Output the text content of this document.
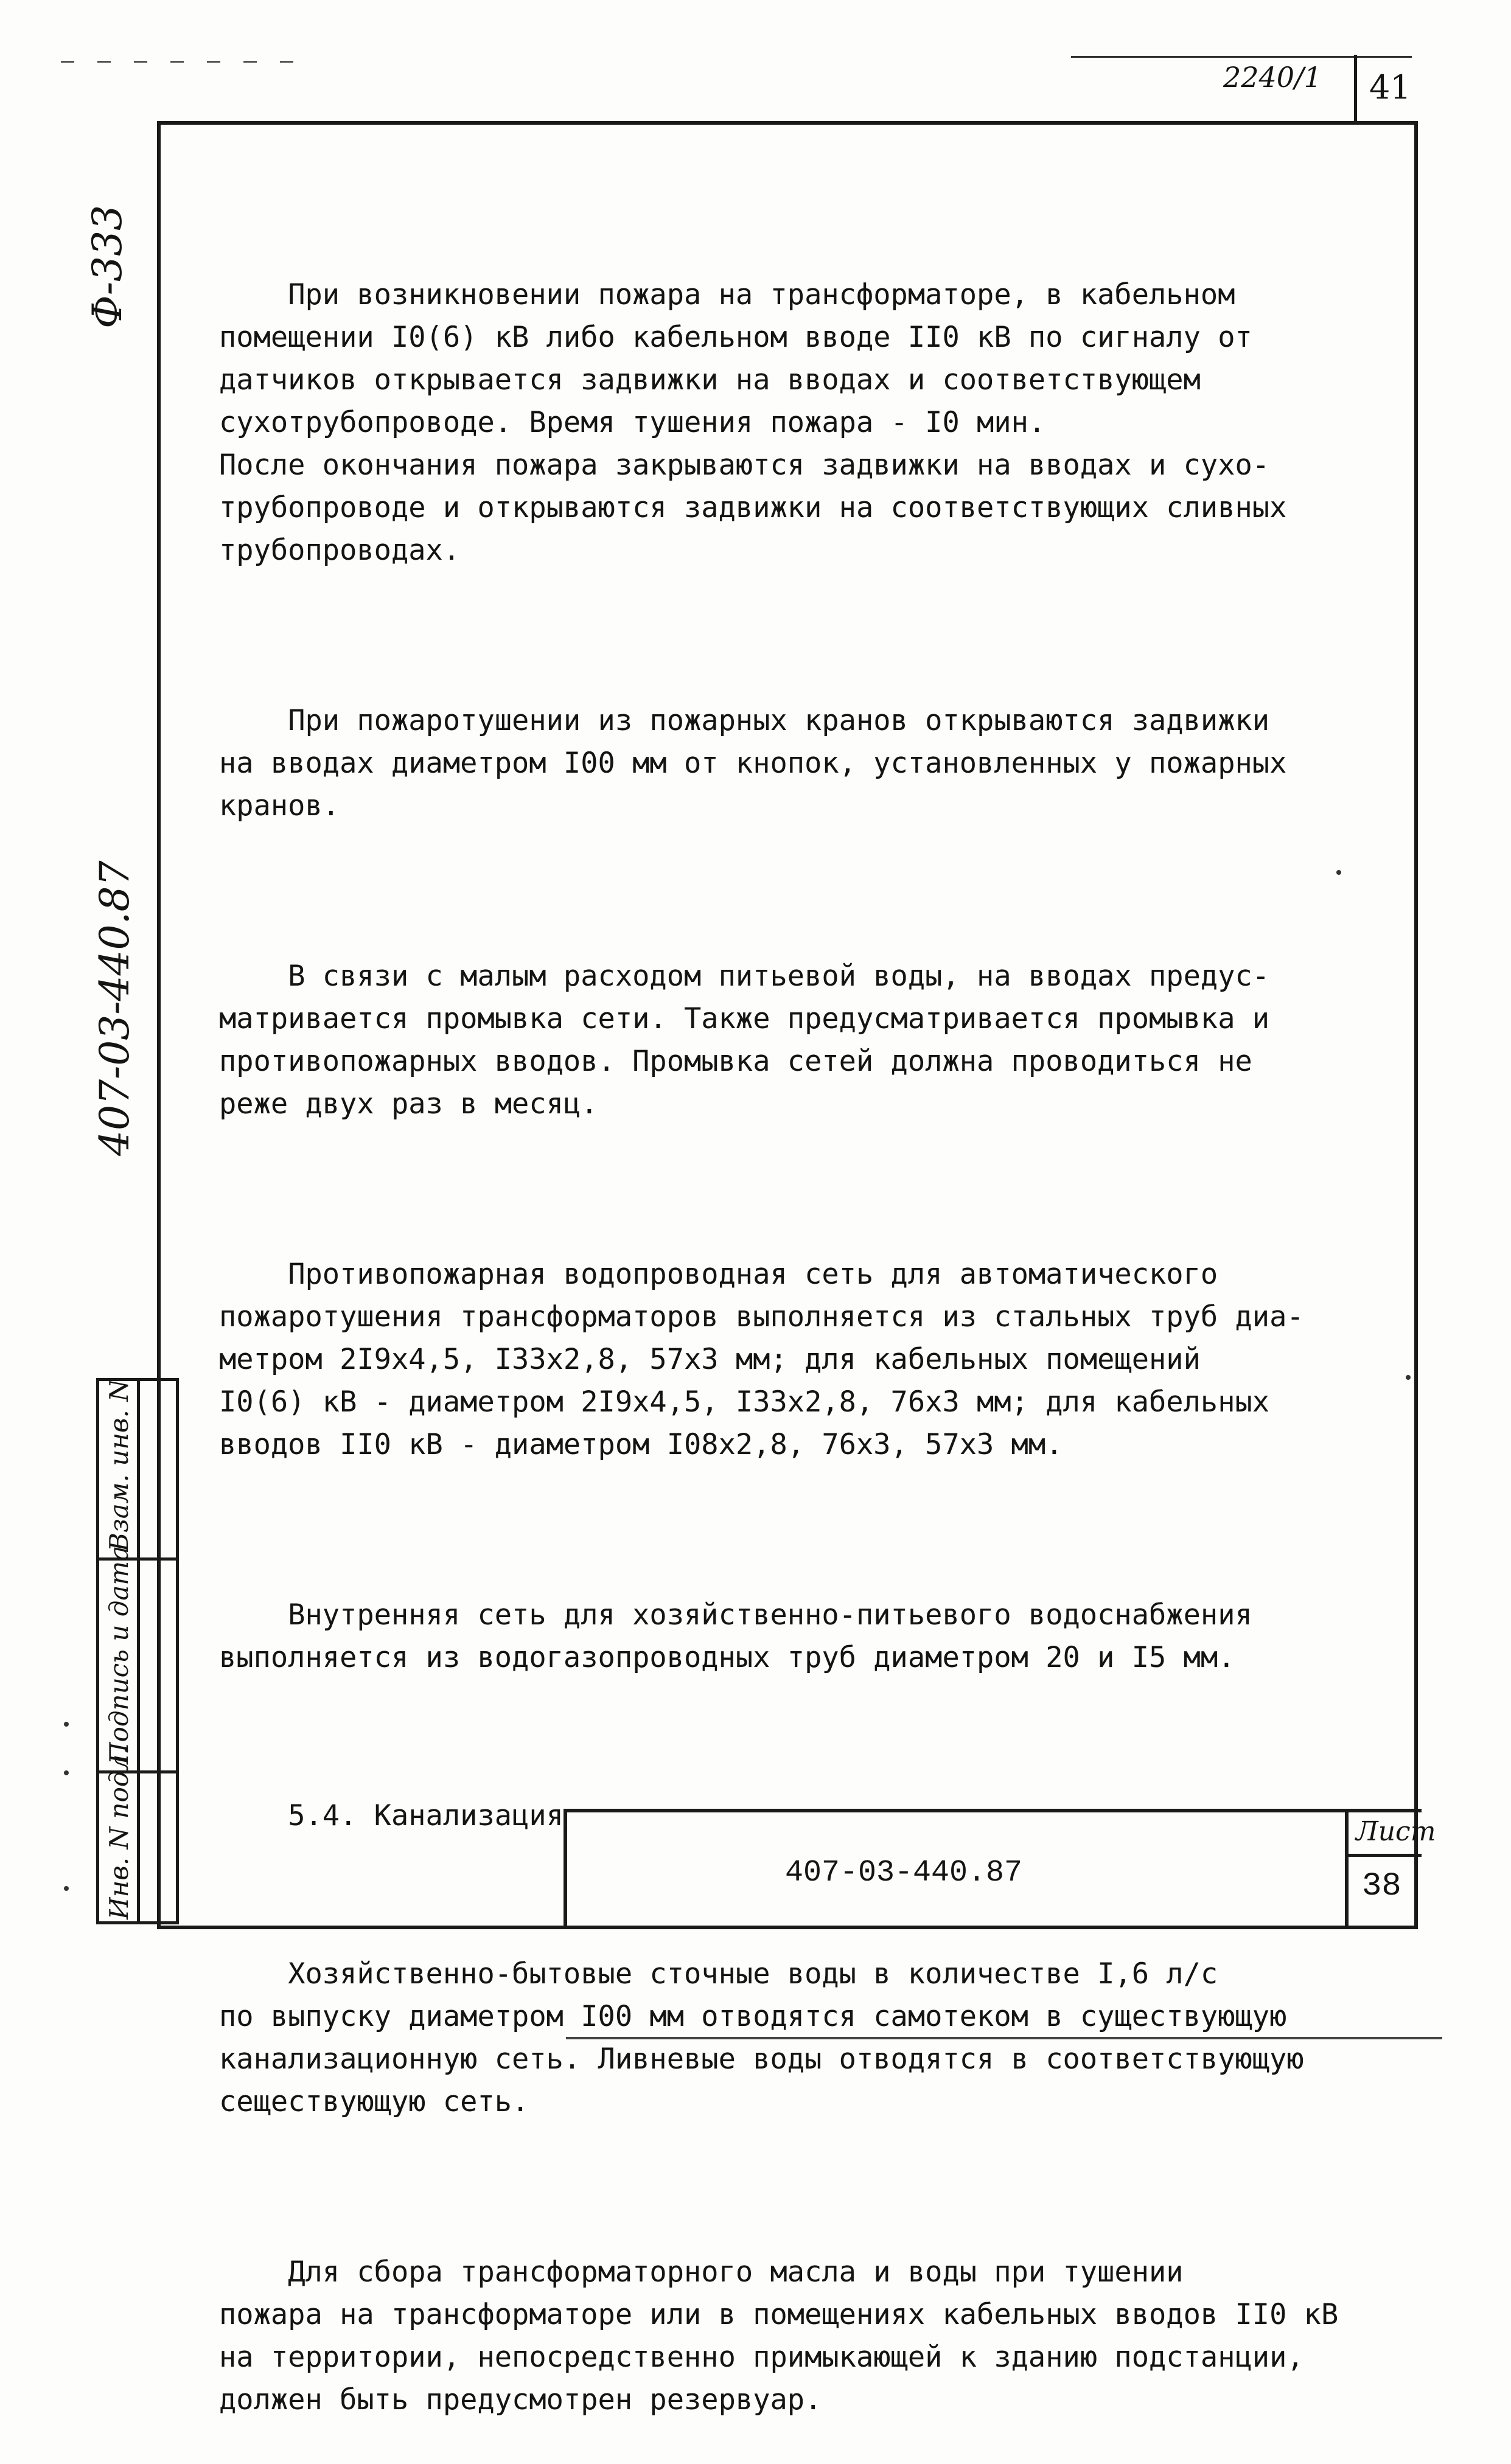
2240/1 41
Ф-333
407-03-440.87
Взам. инв. N
Подпись и дата
Инв. N подл.

При возникновении пожара на трансформаторе, в кабельном
помещении I0(6) кВ либо кабельном вводе II0 кВ по сигналу от
датчиков открывается задвижки на вводах и соответствующем
сухотрубопроводе. Время тушения пожара - I0 мин.
После окончания пожара закрываются задвижки на вводах и сухо-
трубопроводе и открываются задвижки на соответствующих сливных
трубопроводах.

При пожаротушении из пожарных кранов открываются задвижки
на вводах диаметром I00 мм от кнопок, установленных у пожарных
кранов.

В связи с малым расходом питьевой воды, на вводах предус-
матривается промывка сети. Также предусматривается промывка и
противопожарных вводов. Промывка сетей должна проводиться не
реже двух раз в месяц.

Противопожарная водопроводная сеть для автоматического
пожаротушения трансформаторов выполняется из стальных труб диа-
метром 2I9х4,5, I33х2,8, 57х3 мм; для кабельных помещений
I0(6) кВ - диаметром 2I9х4,5, I33х2,8, 76х3 мм; для кабельных
вводов II0 кВ - диаметром I08х2,8, 76х3, 57х3 мм.

Внутренняя сеть для хозяйственно-питьевого водоснабжения
выполняется из водогазопроводных труб диаметром 20 и I5 мм.

5.4. Канализация

Хозяйственно-бытовые сточные воды в количестве I,6 л/с
по выпуску диаметром I00 мм отводятся самотеком в существующую
канализационную сеть. Ливневые воды отводятся в соответствующую
сеществующую сеть.

Для сбора трансформаторного масла и воды при тушении
пожара на трансформаторе или в помещениях кабельных вводов II0 кВ
на территории, непосредственно примыкающей к зданию подстанции,
должен быть предусмотрен резервуар.

407-03-440.87
Лист
38
